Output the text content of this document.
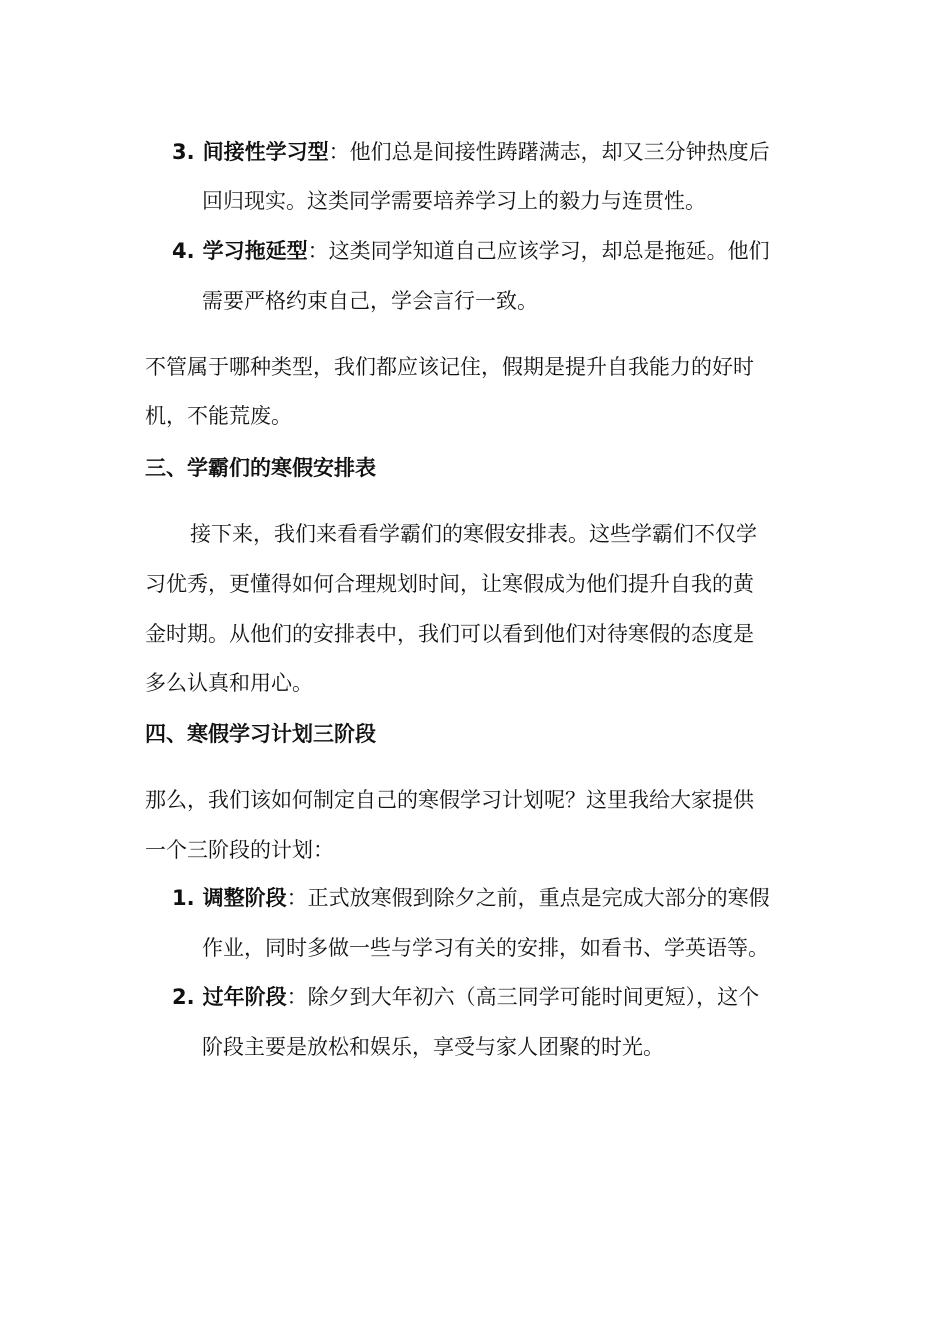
3. 间接性学习型：他们总是间接性踌躇满志，却又三分钟热度后
回归现实。这类同学需要培养学习上的毅力与连贯性。
4. 学习拖延型：这类同学知道自己应该学习，却总是拖延。他们
需要严格约束自己，学会言行一致。
不管属于哪种类型，我们都应该记住，假期是提升自我能力的好时
机，不能荒废。
三、学霸们的寒假安排表
接下来，我们来看看学霸们的寒假安排表。这些学霸们不仅学
习优秀，更懂得如何合理规划时间，让寒假成为他们提升自我的黄
金时期。从他们的安排表中，我们可以看到他们对待寒假的态度是
多么认真和用心。
四、寒假学习计划三阶段
那么，我们该如何制定自己的寒假学习计划呢？这里我给大家提供
一个三阶段的计划：
1. 调整阶段：正式放寒假到除夕之前，重点是完成大部分的寒假
作业，同时多做一些与学习有关的安排，如看书、学英语等。
2. 过年阶段：除夕到大年初六（高三同学可能时间更短），这个
阶段主要是放松和娱乐，享受与家人团聚的时光。
